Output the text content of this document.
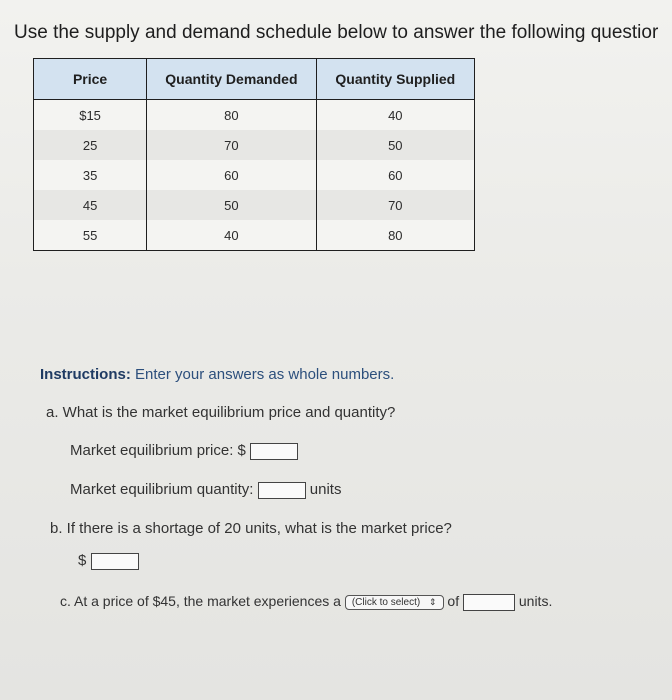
Use the supply and demand schedule below to answer the following questior
Price	Quantity Demanded	Quantity Supplied
$15	80	40
25	70	50
35	60	60
45	50	70
55	40	80
Instructions: Enter your answers as whole numbers.
a. What is the market equilibrium price and quantity?
Market equilibrium price: $
Market equilibrium quantity:	units
b. If there is a shortage of 20 units, what is the market price?
$
c. At a price of $45, the market experiences a (Click to select) ⇕ of	units.
